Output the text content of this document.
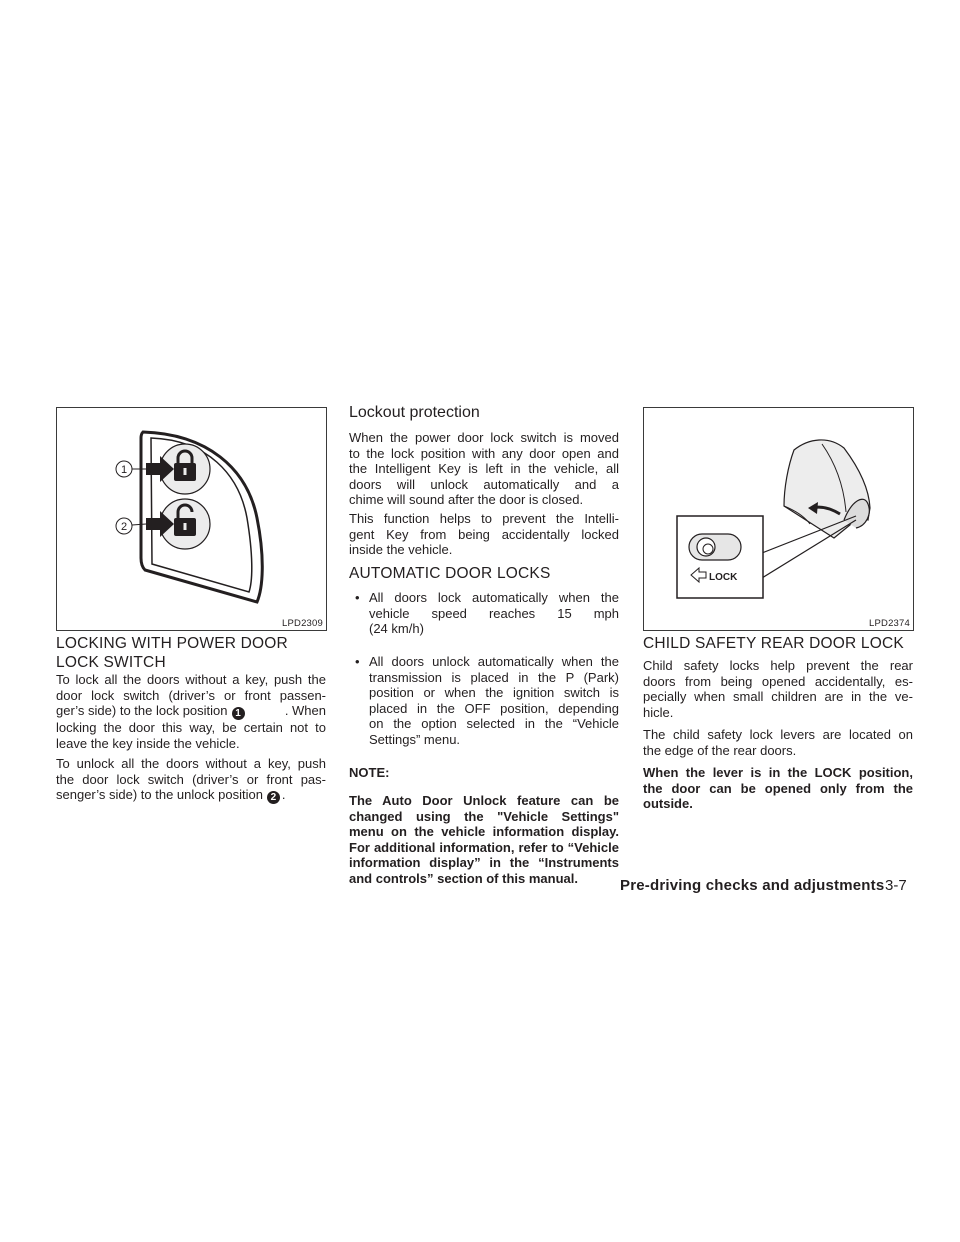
1
2
LPD2309
LOCKING WITH POWER DOOR
LOCK SWITCH
To lock all the doors without a key, push the
door lock switch (driver’s or front passen-
ger’s side) to the lock position 1	. When
locking the door this way, be certain not to
leave the key inside the vehicle.
To unlock all the doors without a key, push
the door lock switch (driver’s or front pas-
senger’s side) to the unlock position 2 .
Lockout protection
When the power door lock switch is moved
to the lock position with any door open and
the Intelligent Key is left in the vehicle, all
doors will unlock automatically and a
chime will sound after the door is closed.
This function helps to prevent the Intelli-
gent Key from being accidentally locked
inside the vehicle.
AUTOMATIC DOOR LOCKS
• All doors lock automatically when the
vehicle speed reaches 15 mph
(24 km/h)
• All doors unlock automatically when the
transmission is placed in the P (Park)
position or when the ignition switch is
placed in the OFF position, depending
on the option selected in the “Vehicle
Settings” menu.
NOTE:
The Auto Door Unlock feature can be
changed using the "Vehicle Settings"
menu on the vehicle information display.
For additional information, refer to “Vehicle
information display” in the “Instruments
and controls” section of this manual.
LOCK
LPD2374
CHILD SAFETY REAR DOOR LOCK
Child safety locks help prevent the rear
doors from being opened accidentally, es-
pecially when small children are in the ve-
hicle.
The child safety lock levers are located on
the edge of the rear doors.
When the lever is in the LOCK position,
the door can be opened only from the
outside.
Pre-driving checks and adjustments 3-7
